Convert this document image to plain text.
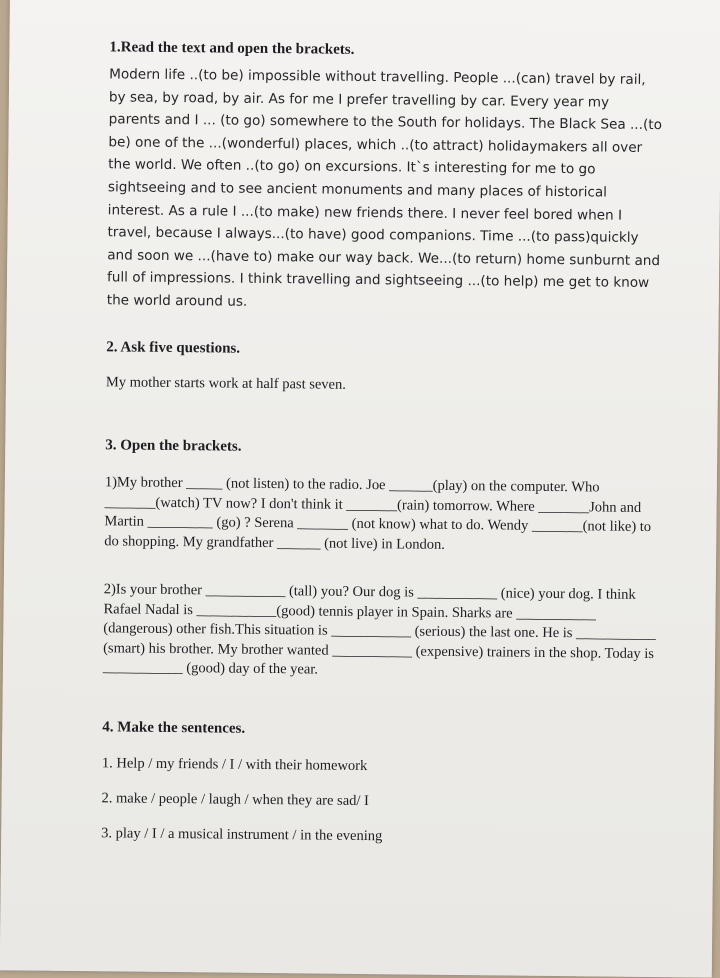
1.Read the text and open the brackets.

Modern life ..(to be) impossible without travelling. People ...(can) travel by rail, by sea, by road, by air. As for me I prefer travelling by car. Every year my parents and I ... (to go) somewhere to the South for holidays. The Black Sea ...(to be) one of the ...(wonderful) places, which ..(to attract) holidaymakers all over the world. We often ..(to go) on excursions. It`s interesting for me to go sightseeing and to see ancient monuments and many places of historical interest. As a rule I ...(to make) new friends there. I never feel bored when I travel, because I always...(to have) good companions. Time ...(to pass)quickly and soon we ...(have to) make our way back. We...(to return) home sunburnt and full of impressions. I think travelling and sightseeing ...(to help) me get to know the world around us.

2. Ask five questions.

My mother starts work at half past seven.

3. Open the brackets.

1)My brother _____ (not listen) to the radio. Joe ______(play) on the computer. Who _______(watch) TV now? I don't think it _______(rain) tomorrow. Where _______John and Martin _________ (go) ? Serena _______ (not know) what to do. Wendy _______(not like) to do shopping. My grandfather ______ (not live) in London.

2)Is your brother ___________ (tall) you? Our dog is ___________ (nice) your dog. I think Rafael Nadal is ___________(good) tennis player in Spain. Sharks are ___________ (dangerous) other fish.This situation is ___________ (serious) the last one. He is ___________ (smart) his brother. My brother wanted ___________ (expensive) trainers in the shop. Today is ___________ (good) day of the year.

4. Make the sentences.
1. Help / my friends / I / with their homework
2. make / people / laugh / when they are sad/ I
3. play / I / a musical instrument / in the evening
